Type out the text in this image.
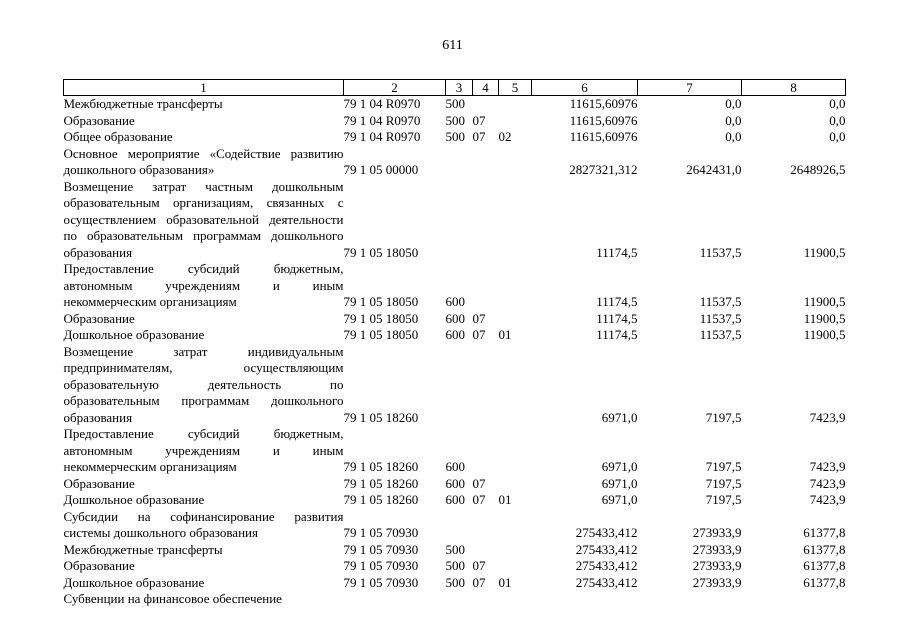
611
1	2	3	4	5	6	7	8
Межбюджетные трансферты	79 1 04 R0970	500			11615,60976	0,0	0,0
Образование	79 1 04 R0970	500	07		11615,60976	0,0	0,0
Общее образование	79 1 04 R0970	500	07	02	11615,60976	0,0	0,0
Основное мероприятие «Содействие развитию дошкольного образования»	79 1 05 00000				2827321,312	2642431,0	2648926,5
Возмещение затрат частным дошкольным образовательным организациям, связанных с осуществлением образовательной деятельности по образовательным программам дошкольного образования	79 1 05 18050				11174,5	11537,5	11900,5
Предоставление субсидий бюджетным, автономным учреждениям и иным некоммерческим организациям	79 1 05 18050	600			11174,5	11537,5	11900,5
Образование	79 1 05 18050	600	07		11174,5	11537,5	11900,5
Дошкольное образование	79 1 05 18050	600	07	01	11174,5	11537,5	11900,5
Возмещение затрат индивидуальным предпринимателям, осуществляющим образовательную деятельность по образовательным программам дошкольного образования	79 1 05 18260				6971,0	7197,5	7423,9
Предоставление субсидий бюджетным, автономным учреждениям и иным некоммерческим организациям	79 1 05 18260	600			6971,0	7197,5	7423,9
Образование	79 1 05 18260	600	07		6971,0	7197,5	7423,9
Дошкольное образование	79 1 05 18260	600	07	01	6971,0	7197,5	7423,9
Субсидии на софинансирование развития системы дошкольного образования	79 1 05 70930				275433,412	273933,9	61377,8
Межбюджетные трансферты	79 1 05 70930	500			275433,412	273933,9	61377,8
Образование	79 1 05 70930	500	07		275433,412	273933,9	61377,8
Дошкольное образование	79 1 05 70930	500	07	01	275433,412	273933,9	61377,8
Субвенции на финансовое обеспечение							
